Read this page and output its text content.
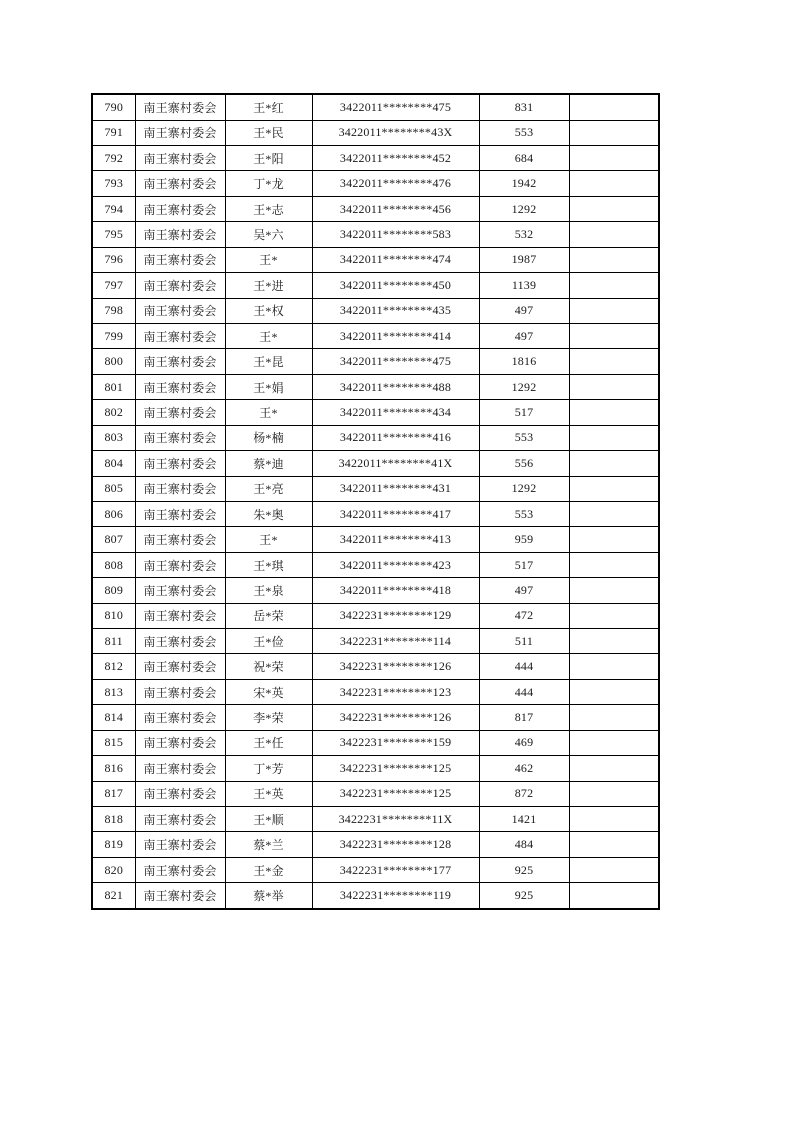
790	南王寨村委会	王*红	3422011********475	831	
791	南王寨村委会	王*民	3422011********43X	553	
792	南王寨村委会	王*阳	3422011********452	684	
793	南王寨村委会	丁*龙	3422011********476	1942	
794	南王寨村委会	王*志	3422011********456	1292	
795	南王寨村委会	吴*六	3422011********583	532	
796	南王寨村委会	王*	3422011********474	1987	
797	南王寨村委会	王*进	3422011********450	1139	
798	南王寨村委会	王*权	3422011********435	497	
799	南王寨村委会	王*	3422011********414	497	
800	南王寨村委会	王*昆	3422011********475	1816	
801	南王寨村委会	王*娟	3422011********488	1292	
802	南王寨村委会	王*	3422011********434	517	
803	南王寨村委会	杨*楠	3422011********416	553	
804	南王寨村委会	蔡*迪	3422011********41X	556	
805	南王寨村委会	王*亮	3422011********431	1292	
806	南王寨村委会	朱*奥	3422011********417	553	
807	南王寨村委会	王*	3422011********413	959	
808	南王寨村委会	王*琪	3422011********423	517	
809	南王寨村委会	王*泉	3422011********418	497	
810	南王寨村委会	岳*荣	3422231********129	472	
811	南王寨村委会	王*俭	3422231********114	511	
812	南王寨村委会	祝*荣	3422231********126	444	
813	南王寨村委会	宋*英	3422231********123	444	
814	南王寨村委会	李*荣	3422231********126	817	
815	南王寨村委会	王*任	3422231********159	469	
816	南王寨村委会	丁*芳	3422231********125	462	
817	南王寨村委会	王*英	3422231********125	872	
818	南王寨村委会	王*顺	3422231********11X	1421	
819	南王寨村委会	蔡*兰	3422231********128	484	
820	南王寨村委会	王*金	3422231********177	925	
821	南王寨村委会	蔡*举	3422231********119	925	
